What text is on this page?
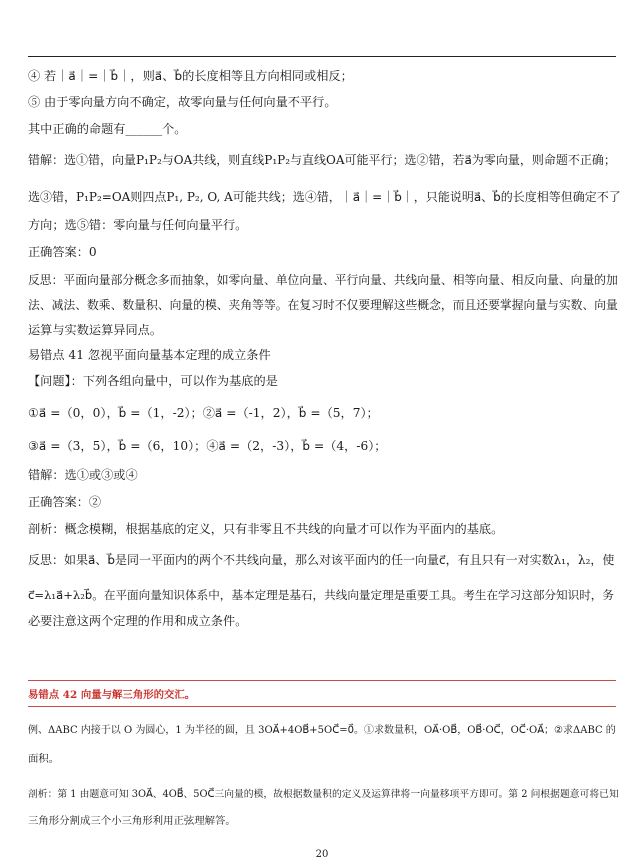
④ 若｜a⃗｜=｜b⃗｜，则a⃗、b⃗的长度相等且方向相同或相反；
⑤ 由于零向量方向不确定，故零向量与任何向量不平行。
其中正确的命题有______个。
错解：选①错，向量P₁P₂与OA共线，则直线P₁P₂与直线OA可能平行；选②错，若a⃗为零向量，则命题不正确；
选③错，P₁P₂=OA则四点P₁, P₂, O, A可能共线；选④错，｜a⃗｜=｜b⃗｜，只能说明a⃗、b⃗的长度相等但确定不了
方向；选⑤错：零向量与任何向量平行。
正确答案：0
反思：平面向量部分概念多而抽象，如零向量、单位向量、平行向量、共线向量、相等向量、相反向量、向量的加
法、减法、数乘、数量积、向量的模、夹角等等。在复习时不仅要理解这些概念，而且还要掌握向量与实数、向量
运算与实数运算异同点。
易错点 41 忽视平面向量基本定理的成立条件
【问题】：下列各组向量中，可以作为基底的是
①a⃗ =（0，0），b⃗ =（1，-2）；②a⃗ =（-1，2），b⃗ =（5，7）；
③a⃗ =（3，5），b⃗ =（6，10）；④a⃗ =（2，-3），b⃗ =（4，-6）；
错解：选①或③或④
正确答案：②
剖析：概念模糊，根据基底的定义，只有非零且不共线的向量才可以作为平面内的基底。
反思：如果a⃗、b⃗是同一平面内的两个不共线向量，那么对该平面内的任一向量c⃗，有且只有一对实数λ₁，λ₂，使
c⃗=λ₁a⃗+λ₂b⃗。在平面向量知识体系中，基本定理是基石，共线向量定理是重要工具。考生在学习这部分知识时，务
必要注意这两个定理的作用和成立条件。
易错点 42 向量与解三角形的交汇。
例、ΔABC 内接于以 O 为圆心，1 为半径的圆，且 3OA⃗+4OB⃗+5OC⃗=0⃗。①求数量积，OA⃗·OB⃗，OB⃗·OC⃗，OC⃗·OA⃗；②求ΔABC 的
面积。
剖析：第 1 由题意可知 3OA⃗、4OB⃗、5OC⃗三向量的模，故根据数量积的定义及运算律将一向量移项平方即可。第 2 问根据题意可将已知
三角形分割成三个小三角形利用正弦理解答。
20
